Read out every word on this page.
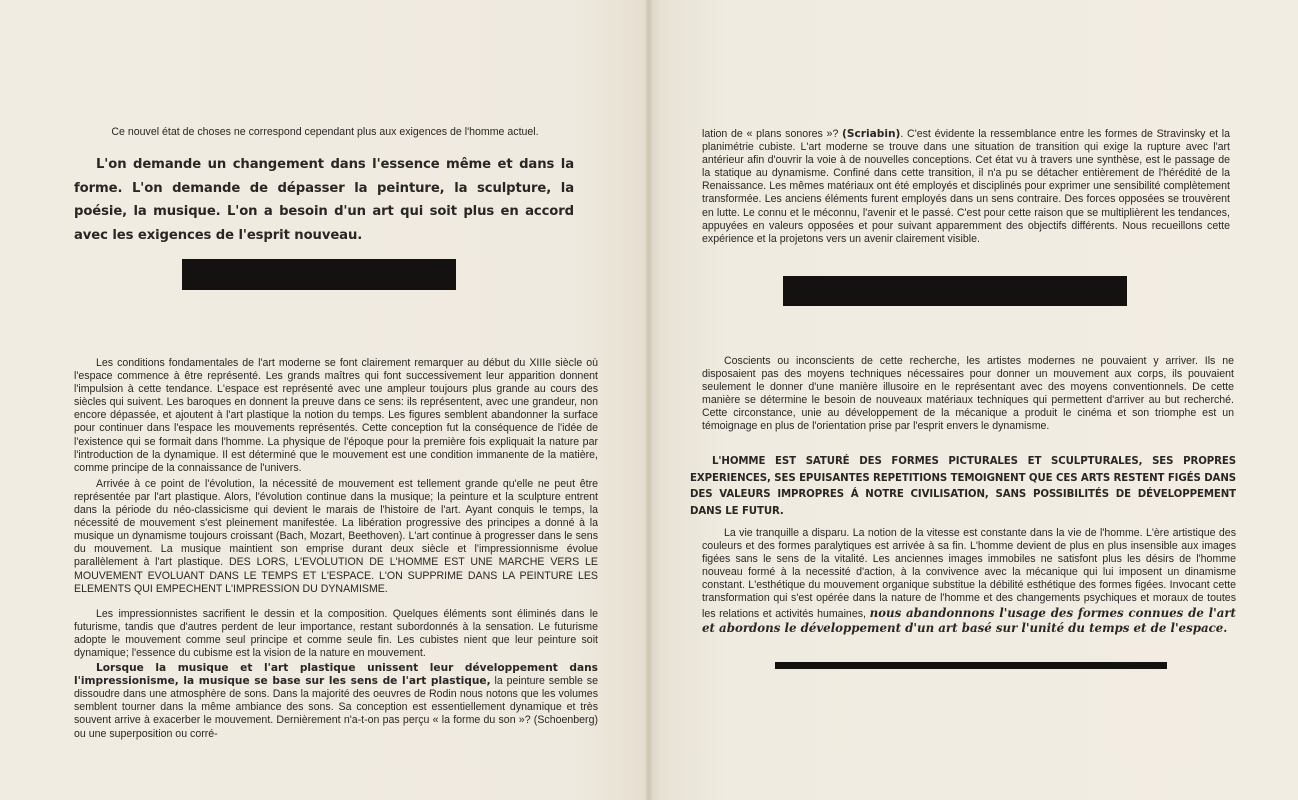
Ce nouvel état de choses ne correspond cependant plus aux exigences de l'homme actuel.

L'on demande un changement dans l'essence même et dans la forme. L'on demande de dépasser la peinture, la sculpture, la poésie, la musique. L'on a besoin d'un art qui soit plus en accord avec les exigences de l'esprit nouveau.

Les conditions fondamentales de l'art moderne se font clairement remarquer au début du XIIIe siècle où l'espace commence à être représenté. Les grands maîtres qui font successivement leur apparition donnent l'impulsion à cette tendance. L'espace est représenté avec une ampleur toujours plus grande au cours des siècles qui suivent. Les baroques en donnent la preuve dans ce sens: ils représentent, avec une grandeur, non encore dépassée, et ajoutent à l'art plastique la notion du temps. Les figures semblent abandonner la surface pour continuer dans l'espace les mouvements représentés. Cette conception fut la conséquence de l'idée de l'existence qui se formait dans l'homme. La physique de l'époque pour la première fois expliquait la nature par l'introduction de la dynamique. Il est déterminé que le mouvement est une condition immanente de la matière, comme principe de la connaissance de l'univers.

Arrivée à ce point de l'évolution, la nécessité de mouvement est tellement grande qu'elle ne peut être représentée par l'art plastique. Alors, l'évolution continue dans la musique; la peinture et la sculpture entrent dans la période du néo-classicisme qui devient le marais de l'histoire de l'art. Ayant conquis le temps, la nécessité de mouvement s'est pleinement manifestée. La libération progressive des principes a donné à la musique un dynamisme toujours croissant (Bach, Mozart, Beethoven). L'art continue à progresser dans le sens du mouvement. La musique maintient son emprise durant deux siècle et l'impressionnisme évolue parallèlement à l'art plastique. DES LORS, L'EVOLUTION DE L'HOMME EST UNE MARCHE VERS LE MOUVEMENT EVOLUANT DANS LE TEMPS ET L'ESPACE. L'ON SUPPRIME DANS LA PEINTURE LES ELEMENTS QUI EMPECHENT L'IMPRESSION DU DYNAMISME.

Les impressionnistes sacrifient le dessin et la composition. Quelques éléments sont éliminés dans le futurisme, tandis que d'autres perdent de leur importance, restant subordonnés à la sensation. Le futurisme adopte le mouvement comme seul principe et comme seule fin. Les cubistes nient que leur peinture soit dynamique; l'essence du cubisme est la vision de la nature en mouvement.

Lorsque la musique et l'art plastique unissent leur développement dans l'impressionisme, la musique se base sur les sens de l'art plastique, la peinture semble se dissoudre dans une atmosphère de sons. Dans la majorité des oeuvres de Rodin nous notons que les volumes semblent tourner dans la même ambiance des sons. Sa conception est essentiellement dynamique et très souvent arrive à exacerber le mouvement. Dernièrement n'a-t-on pas perçu « la forme du son »? (Schoenberg) ou une superposition ou corré-

lation de « plans sonores »? (Scriabin). C'est évidente la ressemblance entre les formes de Stravinsky et la planimétrie cubiste. L'art moderne se trouve dans une situation de transition qui exige la rupture avec l'art antérieur afin d'ouvrir la voie à de nouvelles conceptions. Cet état vu à travers une synthèse, est le passage de la statique au dynamisme. Confiné dans cette transition, il n'a pu se détacher entièrement de l'hérédité de la Renaissance. Les mêmes matériaux ont été employés et disciplinés pour exprimer une sensibilité complètement transformée. Les anciens éléments furent employés dans un sens contraire. Des forces opposées se trouvèrent en lutte. Le connu et le méconnu, l'avenir et le passé. C'est pour cette raison que se multiplièrent les tendances, appuyées en valeurs opposées et pour suivant apparemment des objectifs différents. Nous recueillons cette expérience et la projetons vers un avenir clairement visible.

Coscients ou inconscients de cette recherche, les artistes modernes ne pouvaient y arriver. Ils ne disposaient pas des moyens techniques nécessaires pour donner un mouvement aux corps, ils pouvaient seulement le donner d'une manière illusoire en le représentant avec des moyens conventionnels. De cette manière se détermine le besoin de nouveaux matériaux techniques qui permettent d'arriver au but recherché. Cette circonstance, unie au développement de la mécanique a produit le cinéma et son triomphe est un témoignage en plus de l'orientation prise par l'esprit envers le dynamisme.

L'HOMME EST SATURÉ DES FORMES PICTURALES ET SCULPTURALES, SES PROPRES EXPERIENCES, SES EPUISANTES REPETITIONS TEMOIGNENT QUE CES ARTS RESTENT FIGÉS DANS DES VALEURS IMPROPRES Á NOTRE CIVILISATION, SANS POSSIBILITÉS DE DÉVELOPPEMENT DANS LE FUTUR.

La vie tranquille a disparu. La notion de la vitesse est constante dans la vie de l'homme. L'ère artistique des couleurs et des formes paralytiques est arrivée à sa fin. L'homme devient de plus en plus insensible aux images figées sans le sens de la vitalité. Les anciennes images immobiles ne satisfont plus les désirs de l'homme nouveau formé à la necessité d'action, à la convivence avec la mécanique qui lui imposent un dinamisme constant. L'esthétique du mouvement organique substitue la débilité esthétique des formes figées. Invocant cette transformation qui s'est opérée dans la nature de l'homme et des changements psychiques et moraux de toutes les relations et activités humaines, nous abandonnons l'usage des formes connues de l'art et abordons le développement d'un art basé sur l'unité du temps et de l'espace.
